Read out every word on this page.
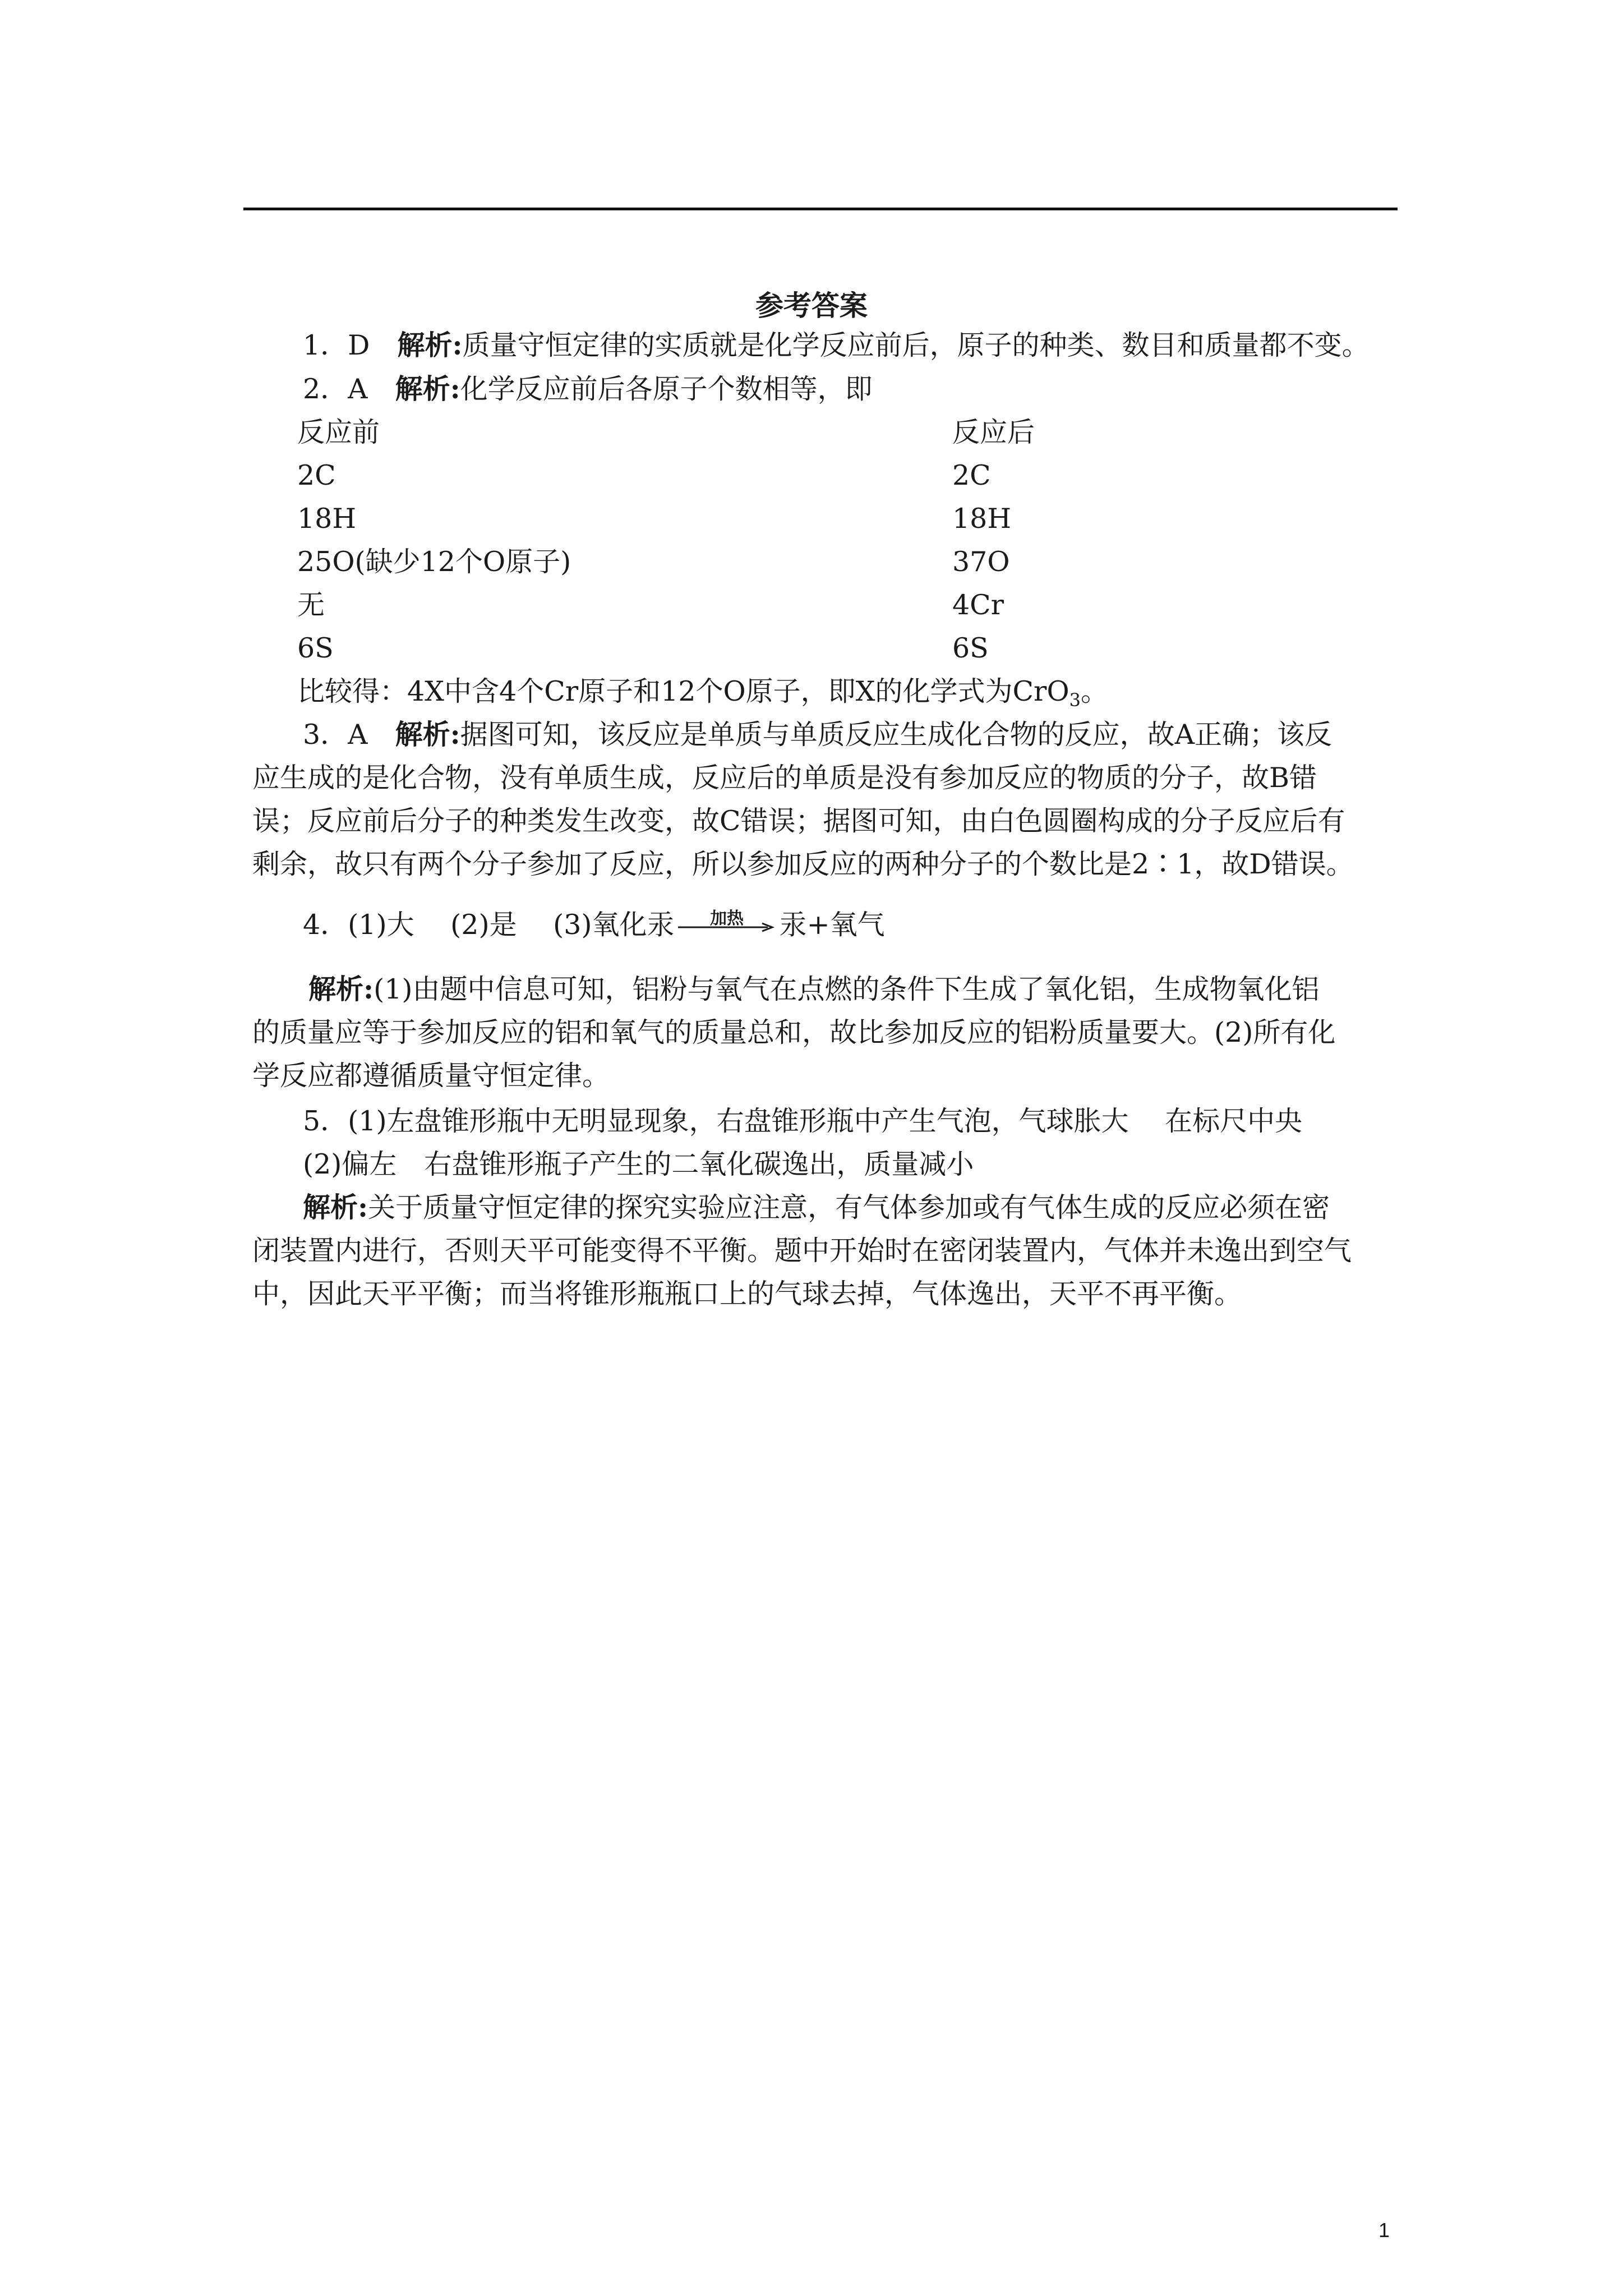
参考答案
1．D　解析:质量守恒定律的实质就是化学反应前后，原子的种类、数目和质量都不变。
2．A　解析:化学反应前后各原子个数相等，即
反应前	反应后
2C	2C
18H	18H
25O(缺少12个O原子)	37O
无	4Cr
6S	6S
比较得：4X中含4个Cr原子和12个O原子，即X的化学式为CrO$_3$。
3．A　解析:据图可知，该反应是单质与单质反应生成化合物的反应，故A正确；该反
应生成的是化合物，没有单质生成，反应后的单质是没有参加反应的物质的分子，故B错
误；反应前后分子的种类发生改变，故C错误；据图可知，由白色圆圈构成的分子反应后有
剩余，故只有两个分子参加了反应，所以参加反应的两种分子的个数比是2∶1，故D错误。
4．(1)大　 (2)是　 (3)氧化汞	加热	汞+氧气
解析:(1)由题中信息可知，铝粉与氧气在点燃的条件下生成了氧化铝，生成物氧化铝
的质量应等于参加反应的铝和氧气的质量总和，故比参加反应的铝粉质量要大。(2)所有化
学反应都遵循质量守恒定律。
5．(1)左盘锥形瓶中无明显现象，右盘锥形瓶中产生气泡，气球胀大　 在标尺中央
(2)偏左　右盘锥形瓶子产生的二氧化碳逸出，质量减小
解析:关于质量守恒定律的探究实验应注意，有气体参加或有气体生成的反应必须在密
闭装置内进行，否则天平可能变得不平衡。题中开始时在密闭装置内，气体并未逸出到空气
中，因此天平平衡；而当将锥形瓶瓶口上的气球去掉，气体逸出，天平不再平衡。
1
